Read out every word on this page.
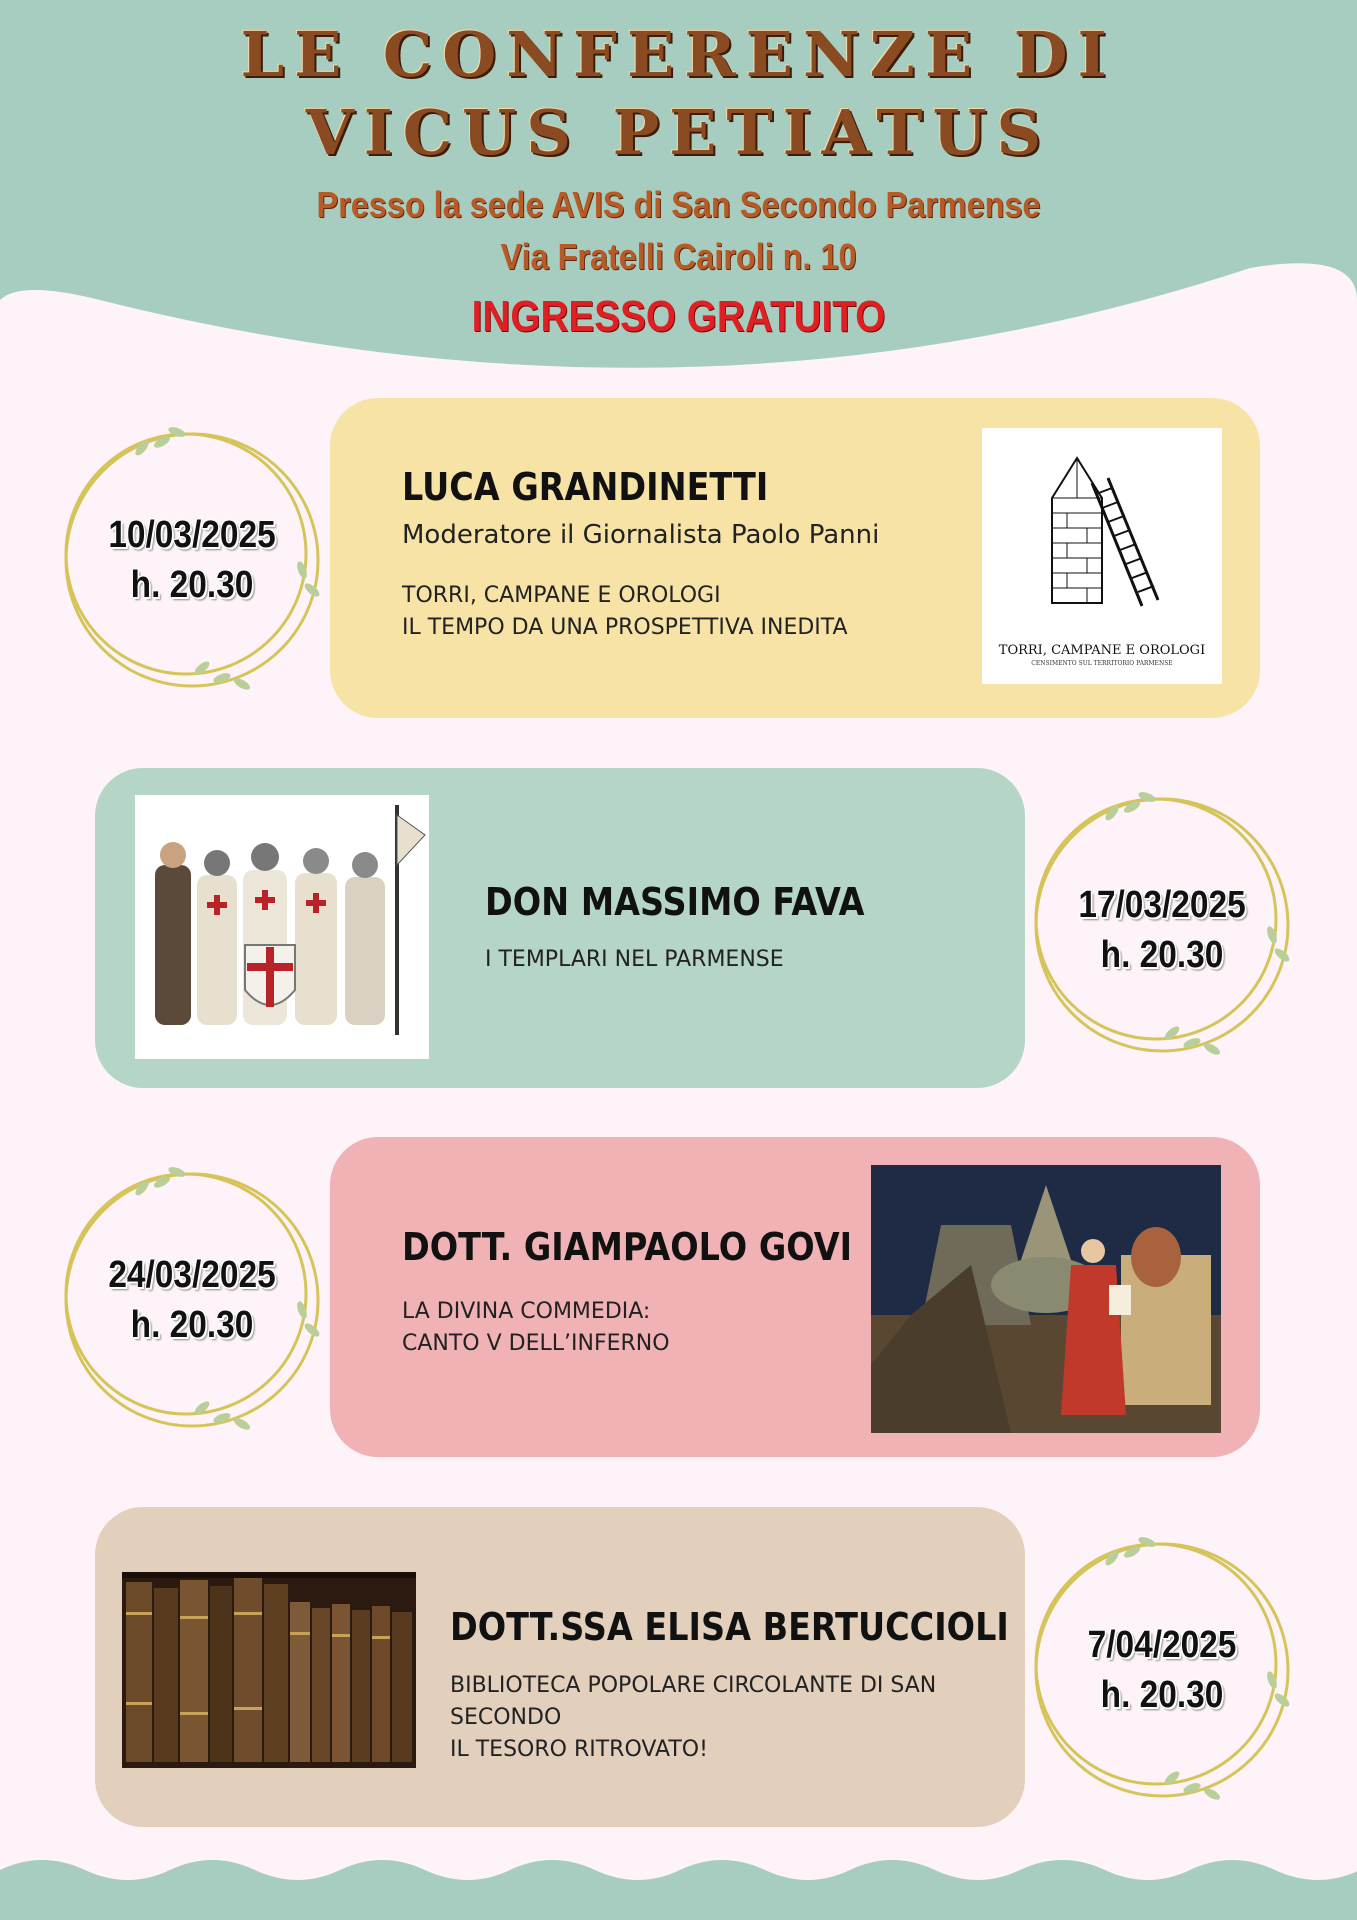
LE CONFERENZE DI
VICUS PETIATUS
Presso la sede AVIS di San Secondo Parmense
Via Fratelli Cairoli n. 10
INGRESSO GRATUITO
LUCA GRANDINETTI
Moderatore il Giornalista Paolo Panni
TORRI, CAMPANE E OROLOGI
IL TEMPO DA UNA PROSPETTIVA INEDITA
TORRI, CAMPANE E OROLOGI
CENSIMENTO SUL TERRITORIO PARMENSE
DON MASSIMO FAVA
I TEMPLARI NEL PARMENSE
DOTT. GIAMPAOLO GOVI
LA DIVINA COMMEDIA:
CANTO V DELL’INFERNO
DOTT.SSA ELISA BERTUCCIOLI
BIBLIOTECA POPOLARE CIRCOLANTE DI SAN
SECONDO
IL TESORO RITROVATO!
10/03/2025
h. 20.30
17/03/2025
h. 20.30
24/03/2025
h. 20.30
7/04/2025
h. 20.30
